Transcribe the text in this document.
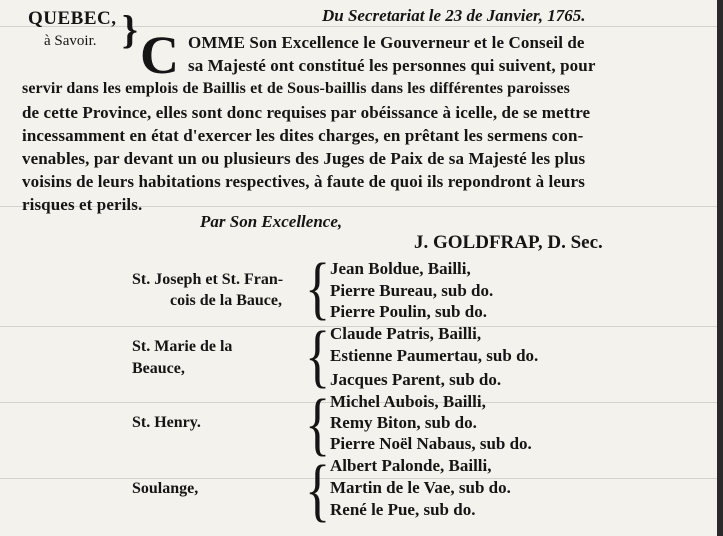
QUEBEC,
à Savoir. }	Du Secretariat le 23 de Janvier, 1765.
C OMME Son Excellence le Gouverneur et le Conseil de
sa Majesté ont constitué les personnes qui suivent, pour
servir dans les emplois de Baillis et de Sous-baillis dans les différentes paroisses
de cette Province, elles sont donc requises par obéissance à icelle, de se mettre
incessamment en état d'exercer les dites charges, en prêtant les sermens con-
venables, par devant un ou plusieurs des Juges de Paix de sa Majesté les plus
voisins de leurs habitations respectives, à faute de quoi ils repondront à leurs
risques et perils.
Par Son Excellence,
J. GOLDFRAP, D. Sec.
St. Joseph et St. Fran-
cois de la Bauce, { Jean Boldue, Bailli,
Pierre Bureau, sub do.
Pierre Poulin, sub do.
St. Marie de la
Beauce, { Claude Patris, Bailli,
Estienne Paumertau, sub do.
Jacques Parent, sub do.
St. Henry. { Michel Aubois, Bailli,
Remy Biton, sub do.
Pierre Noël Nabaus, sub do.
Soulange, { Albert Palonde, Bailli,
Martin de le Vae, sub do.
René le Pue, sub do.
